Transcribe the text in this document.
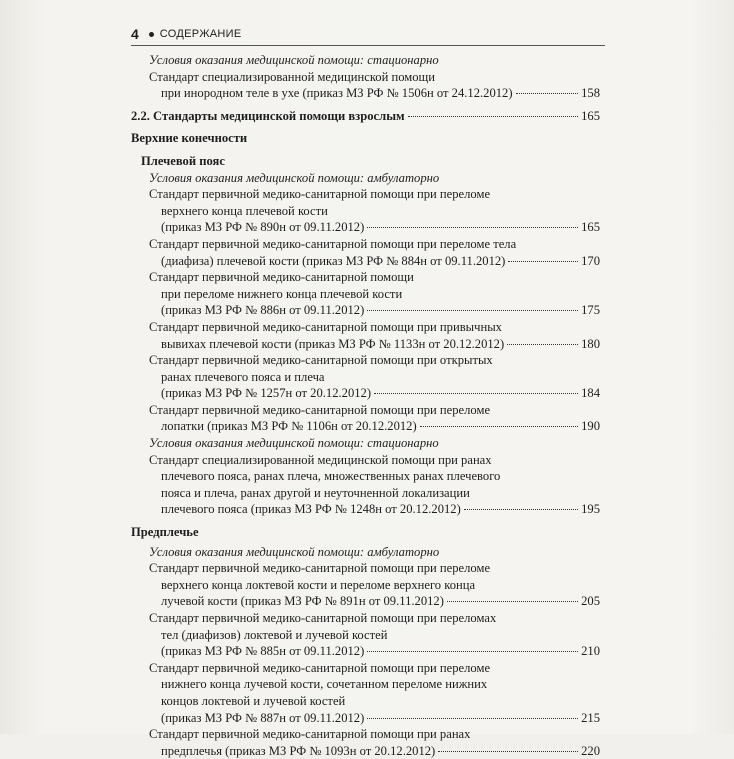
4 СОДЕРЖАНИЕ
Условия оказания медицинской помощи: стационарно
Стандарт специализированной медицинской помощи
при инородном теле в ухе (приказ МЗ РФ № 1506н от 24.12.2012)	158
2.2. Стандарты медицинской помощи взрослым	165
Верхние конечности
Плечевой пояс
Условия оказания медицинской помощи: амбулаторно
Стандарт первичной медико-санитарной помощи при переломе
верхнего конца плечевой кости
(приказ МЗ РФ № 890н от 09.11.2012)	165
Стандарт первичной медико-санитарной помощи при переломе тела
(диафиза) плечевой кости (приказ МЗ РФ № 884н от 09.11.2012)	170
Стандарт первичной медико-санитарной помощи
при переломе нижнего конца плечевой кости
(приказ МЗ РФ № 886н от 09.11.2012)	175
Стандарт первичной медико-санитарной помощи при привычных
вывихах плечевой кости (приказ МЗ РФ № 1133н от 20.12.2012)	180
Стандарт первичной медико-санитарной помощи при открытых
ранах плечевого пояса и плеча
(приказ МЗ РФ № 1257н от 20.12.2012)	184
Стандарт первичной медико-санитарной помощи при переломе
лопатки (приказ МЗ РФ № 1106н от 20.12.2012)	190
Условия оказания медицинской помощи: стационарно
Стандарт специализированной медицинской помощи при ранах
плечевого пояса, ранах плеча, множественных ранах плечевого
пояса и плеча, ранах другой и неуточненной локализации
плечевого пояса (приказ МЗ РФ № 1248н от 20.12.2012)	195
Предплечье
Условия оказания медицинской помощи: амбулаторно
Стандарт первичной медико-санитарной помощи при переломе
верхнего конца локтевой кости и переломе верхнего конца
лучевой кости (приказ МЗ РФ № 891н от 09.11.2012)	205
Стандарт первичной медико-санитарной помощи при переломах
тел (диафизов) локтевой и лучевой костей
(приказ МЗ РФ № 885н от 09.11.2012)	210
Стандарт первичной медико-санитарной помощи при переломе
нижнего конца лучевой кости, сочетанном переломе нижних
концов локтевой и лучевой костей
(приказ МЗ РФ № 887н от 09.11.2012)	215
Стандарт первичной медико-санитарной помощи при ранах
предплечья (приказ МЗ РФ № 1093н от 20.12.2012)	220
